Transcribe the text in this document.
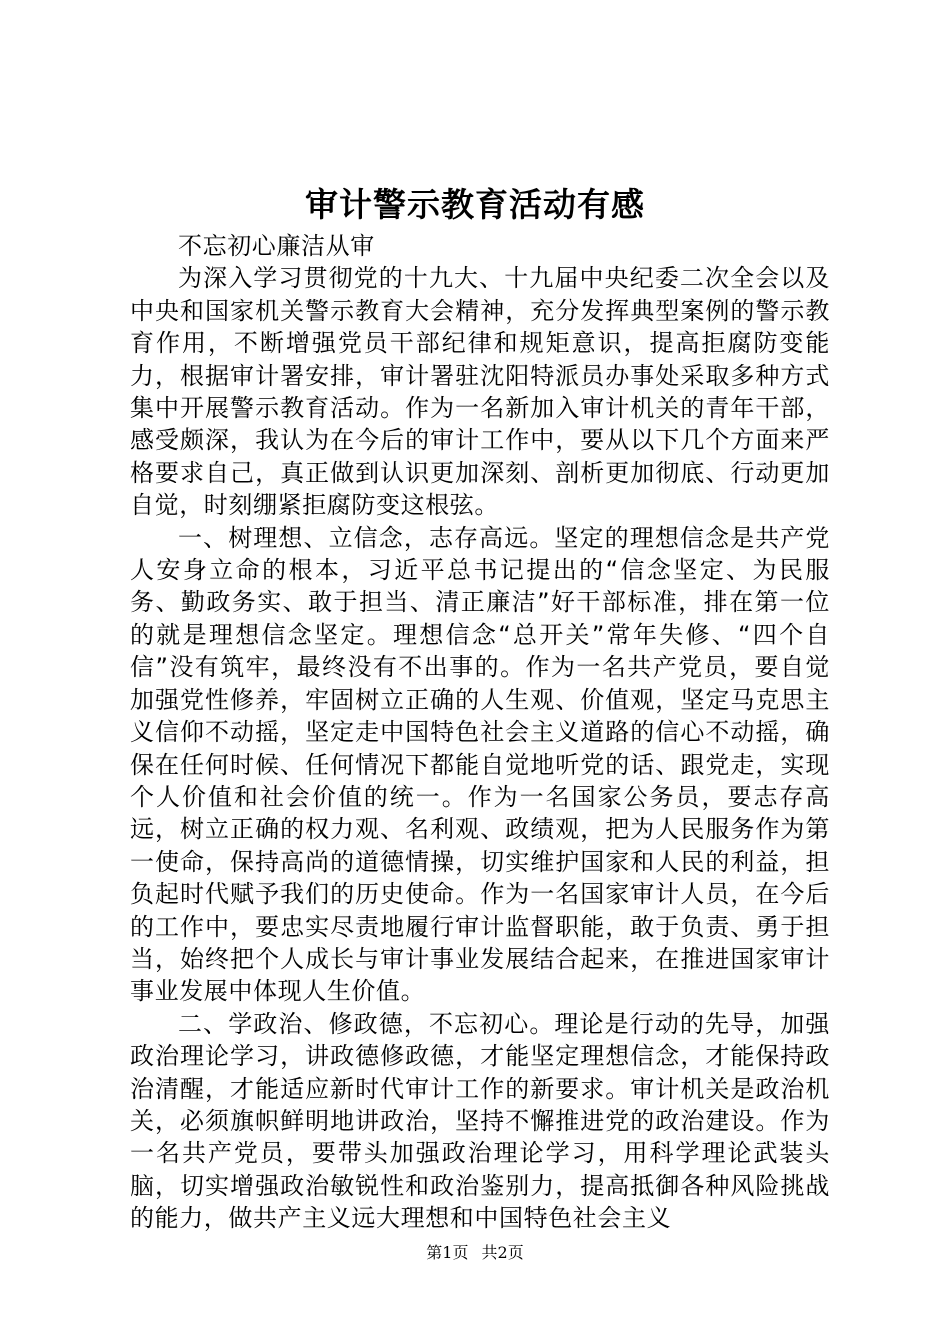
审计警示教育活动有感

不忘初心廉洁从审

为深入学习贯彻党的十九大、十九届中央纪委二次全会以及中央和国家机关警示教育大会精神，充分发挥典型案例的警示教育作用，不断增强党员干部纪律和规矩意识，提高拒腐防变能力，根据审计署安排，审计署驻沈阳特派员办事处采取多种方式集中开展警示教育活动。作为一名新加入审计机关的青年干部，感受颇深，我认为在今后的审计工作中，要从以下几个方面来严格要求自己，真正做到认识更加深刻、剖析更加彻底、行动更加自觉，时刻绷紧拒腐防变这根弦。

一、树理想、立信念，志存高远。坚定的理想信念是共产党人安身立命的根本，习近平总书记提出的“信念坚定、为民服务、勤政务实、敢于担当、清正廉洁”好干部标准，排在第一位的就是理想信念坚定。理想信念“总开关”常年失修、“四个自信”没有筑牢，最终没有不出事的。作为一名共产党员，要自觉加强党性修养，牢固树立正确的人生观、价值观，坚定马克思主义信仰不动摇，坚定走中国特色社会主义道路的信心不动摇，确保在任何时候、任何情况下都能自觉地听党的话、跟党走，实现个人价值和社会价值的统一。作为一名国家公务员，要志存高远，树立正确的权力观、名利观、政绩观，把为人民服务作为第一使命，保持高尚的道德情操，切实维护国家和人民的利益，担负起时代赋予我们的历史使命。作为一名国家审计人员，在今后的工作中，要忠实尽责地履行审计监督职能，敢于负责、勇于担当，始终把个人成长与审计事业发展结合起来，在推进国家审计事业发展中体现人生价值。

二、学政治、修政德，不忘初心。理论是行动的先导，加强政治理论学习，讲政德修政德，才能坚定理想信念，才能保持政治清醒，才能适应新时代审计工作的新要求。审计机关是政治机关，必须旗帜鲜明地讲政治，坚持不懈推进党的政治建设。作为一名共产党员，要带头加强政治理论学习，用科学理论武装头脑，切实增强政治敏锐性和政治鉴别力，提高抵御各种风险挑战的能力，做共产主义远大理想和中国特色社会主义

第1页 共2页
